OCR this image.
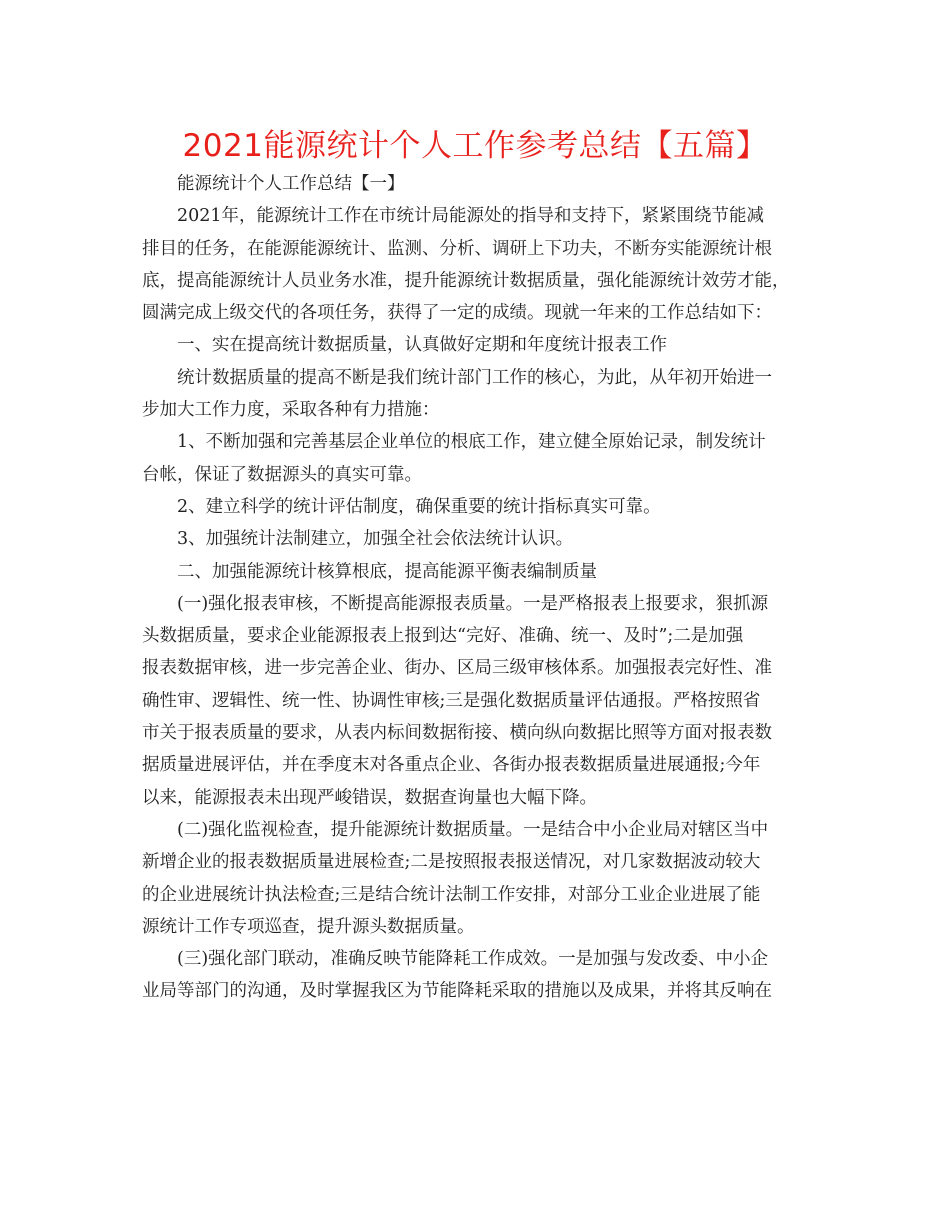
2021能源统计个人工作参考总结【五篇】
能源统计个人工作总结【一】
2021年，能源统计工作在市统计局能源处的指导和支持下，紧紧围绕节能减
排目的任务，在能源能源统计、监测、分析、调研上下功夫，不断夯实能源统计根
底，提高能源统计人员业务水准，提升能源统计数据质量，强化能源统计效劳才能，
圆满完成上级交代的各项任务，获得了一定的成绩。现就一年来的工作总结如下：
一、实在提高统计数据质量，认真做好定期和年度统计报表工作
统计数据质量的提高不断是我们统计部门工作的核心，为此，从年初开始进一
步加大工作力度，采取各种有力措施：
1、不断加强和完善基层企业单位的根底工作，建立健全原始记录，制发统计
台帐，保证了数据源头的真实可靠。
2、建立科学的统计评估制度，确保重要的统计指标真实可靠。
3、加强统计法制建立，加强全社会依法统计认识。
二、加强能源统计核算根底，提高能源平衡表编制质量
(一)强化报表审核，不断提高能源报表质量。一是严格报表上报要求，狠抓源
头数据质量，要求企业能源报表上报到达“完好、准确、统一、及时”;二是加强
报表数据审核，进一步完善企业、街办、区局三级审核体系。加强报表完好性、准
确性审、逻辑性、统一性、协调性审核;三是强化数据质量评估通报。严格按照省
市关于报表质量的要求，从表内标间数据衔接、横向纵向数据比照等方面对报表数
据质量进展评估，并在季度末对各重点企业、各街办报表数据质量进展通报;今年
以来，能源报表未出现严峻错误，数据查询量也大幅下降。
(二)强化监视检查，提升能源统计数据质量。一是结合中小企业局对辖区当中
新增企业的报表数据质量进展检查;二是按照报表报送情况，对几家数据波动较大
的企业进展统计执法检查;三是结合统计法制工作安排，对部分工业企业进展了能
源统计工作专项巡查，提升源头数据质量。
(三)强化部门联动，准确反映节能降耗工作成效。一是加强与发改委、中小企
业局等部门的沟通，及时掌握我区为节能降耗采取的措施以及成果，并将其反响在
